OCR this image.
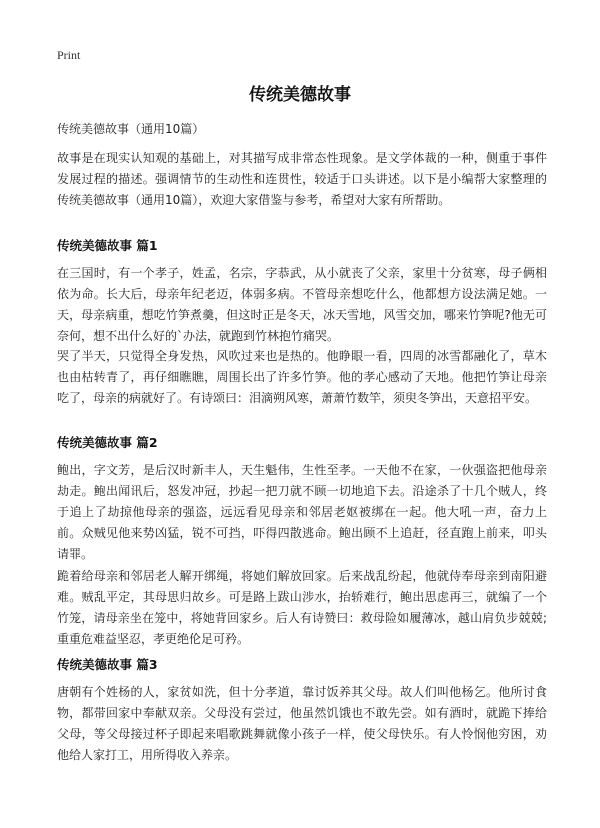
Print
传统美德故事

传统美德故事（通用10篇）

故事是在现实认知观的基础上，对其描写成非常态性现象。是文学体裁的一种，侧重于事件发展过程的描述。强调情节的生动性和连贯性，较适于口头讲述。以下是小编帮大家整理的传统美德故事（通用10篇），欢迎大家借鉴与参考，希望对大家有所帮助。

传统美德故事 篇1

在三国时，有一个孝子，姓孟，名宗，字恭武，从小就丧了父亲，家里十分贫寒，母子俩相依为命。长大后，母亲年纪老迈，体弱多病。不管母亲想吃什么，他都想方设法满足她。一天，母亲病重，想吃竹笋煮羹，但这时正是冬天，冰天雪地，风雪交加，哪来竹笋呢?他无可奈何，想不出什么好的`办法，就跑到竹林抱竹痛哭。

哭了半天，只觉得全身发热，风吹过来也是热的。他睁眼一看，四周的冰雪都融化了，草木也由枯转青了，再仔细瞧瞧，周围长出了许多竹笋。他的孝心感动了天地。他把竹笋让母亲吃了，母亲的病就好了。有诗颂曰：泪滴朔风寒，萧萧竹数竿，须臾冬笋出，天意招平安。

传统美德故事 篇2

鲍出，字文芳，是后汉时新丰人，天生魁伟，生性至孝。一天他不在家，一伙强盗把他母亲劫走。鲍出闻讯后，怒发冲冠，抄起一把刀就不顾一切地追下去。沿途杀了十几个贼人，终于追上了劫掠他母亲的强盗，远远看见母亲和邻居老妪被绑在一起。他大吼一声，奋力上前。众贼见他来势凶猛，锐不可挡，吓得四散逃命。鲍出顾不上追赶，径直跑上前来，叩头请罪。

跪着给母亲和邻居老人解开绑绳，将她们解放回家。后来战乱纷起，他就侍奉母亲到南阳避难。贼乱平定，其母思归故乡。可是路上跋山涉水，抬轿难行，鲍出思虑再三，就编了一个竹笼，请母亲坐在笼中，将她背回家乡。后人有诗赞曰：救母险如履薄冰，越山肩负步兢兢;重重危难益坚忍，孝更绝伦足可矜。

传统美德故事 篇3

唐朝有个姓杨的人，家贫如洗，但十分孝道，靠讨饭养其父母。故人们叫他杨乞。他所讨食物，都带回家中奉献双亲。父母没有尝过，他虽然饥饿也不敢先尝。如有酒时，就跪下捧给父母，等父母接过杯子即起来唱歌跳舞就像小孩子一样，使父母快乐。有人怜悯他穷困，劝他给人家打工，用所得收入养亲。
